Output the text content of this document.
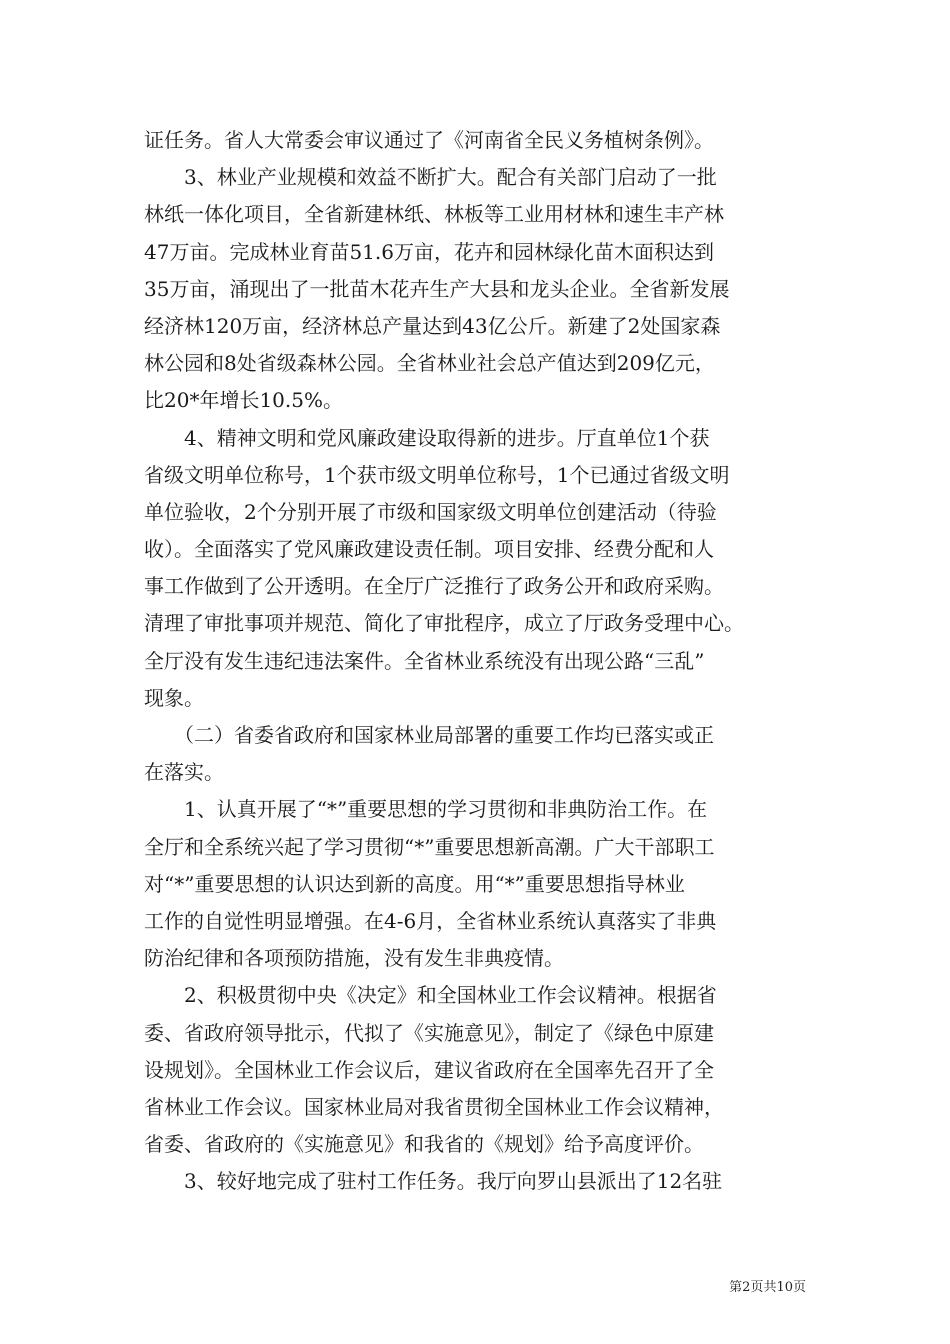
证任务。省人大常委会审议通过了《河南省全民义务植树条例》。
　　3、林业产业规模和效益不断扩大。配合有关部门启动了一批
林纸一体化项目，全省新建林纸、林板等工业用材林和速生丰产林
47万亩。完成林业育苗51.6万亩，花卉和园林绿化苗木面积达到
35万亩，涌现出了一批苗木花卉生产大县和龙头企业。全省新发展
经济林120万亩，经济林总产量达到43亿公斤。新建了2处国家森
林公园和8处省级森林公园。全省林业社会总产值达到209亿元，
比20*年增长10.5%。
　　4、精神文明和党风廉政建设取得新的进步。厅直单位1个获
省级文明单位称号，1个获市级文明单位称号，1个已通过省级文明
单位验收，2个分别开展了市级和国家级文明单位创建活动（待验
收）。全面落实了党风廉政建设责任制。项目安排、经费分配和人
事工作做到了公开透明。在全厅广泛推行了政务公开和政府采购。
清理了审批事项并规范、简化了审批程序，成立了厅政务受理中心。
全厅没有发生违纪违法案件。全省林业系统没有出现公路“三乱”
现象。
　　（二）省委省政府和国家林业局部署的重要工作均已落实或正
在落实。
　　1、认真开展了“*”重要思想的学习贯彻和非典防治工作。在
全厅和全系统兴起了学习贯彻“*”重要思想新高潮。广大干部职工
对“*”重要思想的认识达到新的高度。用“*”重要思想指导林业
工作的自觉性明显增强。在4-6月，全省林业系统认真落实了非典
防治纪律和各项预防措施，没有发生非典疫情。
　　2、积极贯彻中央《决定》和全国林业工作会议精神。根据省
委、省政府领导批示，代拟了《实施意见》，制定了《绿色中原建
设规划》。全国林业工作会议后，建议省政府在全国率先召开了全
省林业工作会议。国家林业局对我省贯彻全国林业工作会议精神，
省委、省政府的《实施意见》和我省的《规划》给予高度评价。
　　3、较好地完成了驻村工作任务。我厅向罗山县派出了12名驻
第2页共10页
